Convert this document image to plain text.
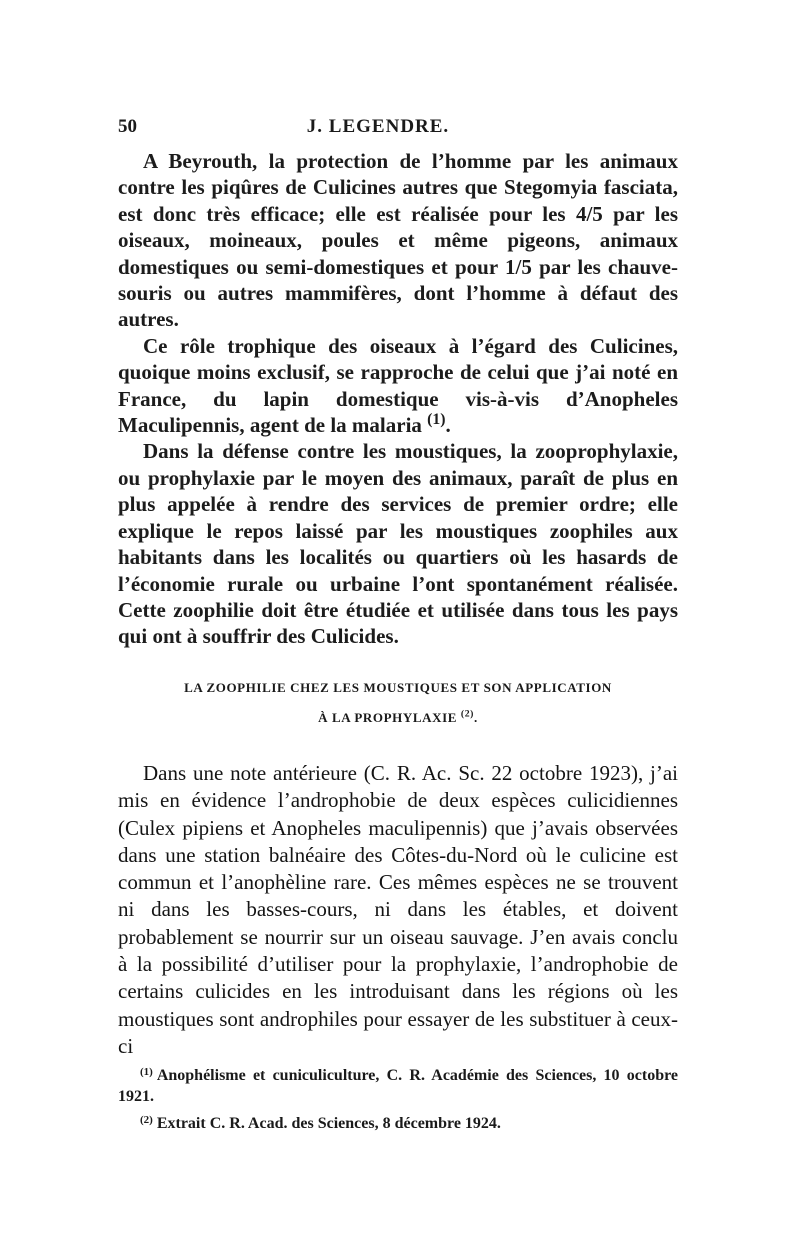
50	J. LEGENDRE.

A Beyrouth, la protection de l’homme par les animaux contre les piqûres de Culicines autres que Stegomyia fasciata, est donc très efficace; elle est réalisée pour les 4/5 par les oiseaux, moineaux, poules et même pigeons, animaux domestiques ou semi-domestiques et pour 1/5 par les chauve-souris ou autres mammifères, dont l’homme à défaut des autres.

Ce rôle trophique des oiseaux à l’égard des Culicines, quoique moins exclusif, se rapproche de celui que j’ai noté en France, du lapin domestique vis-à-vis d’Anopheles Maculipennis, agent de la malaria $^{(1)}$.

Dans la défense contre les moustiques, la zooprophylaxie, ou prophylaxie par le moyen des animaux, paraît de plus en plus appelée à rendre des services de premier ordre; elle explique le repos laissé par les moustiques zoophiles aux habitants dans les localités ou quartiers où les hasards de l’économie rurale ou urbaine l’ont spontanément réalisée. Cette zoophilie doit être étudiée et utilisée dans tous les pays qui ont à souffrir des Culicides.

LA ZOOPHILIE CHEZ LES MOUSTIQUES ET SON APPLICATION
À LA PROPHYLAXIE $^{(2)}$.

Dans une note antérieure (C. R. Ac. Sc. 22 octobre 1923), j’ai mis en évidence l’androphobie de deux espèces culicidiennes (Culex pipiens et Anopheles maculipennis) que j’avais observées dans une station balnéaire des Côtes-du-Nord où le culicine est commun et l’anophèline rare. Ces mêmes espèces ne se trouvent ni dans les basses-cours, ni dans les étables, et doivent probablement se nourrir sur un oiseau sauvage. J’en avais conclu à la possibilité d’utiliser pour la prophylaxie, l’androphobie de certains culicides en les introduisant dans les régions où les moustiques sont androphiles pour essayer de les substituer à ceux-ci

$^{(1)}$ Anophélisme et cuniculiculture, C. R. Académie des Sciences, 10 octobre 1921.

$^{(2)}$ Extrait C. R. Acad. des Sciences, 8 décembre 1924.
